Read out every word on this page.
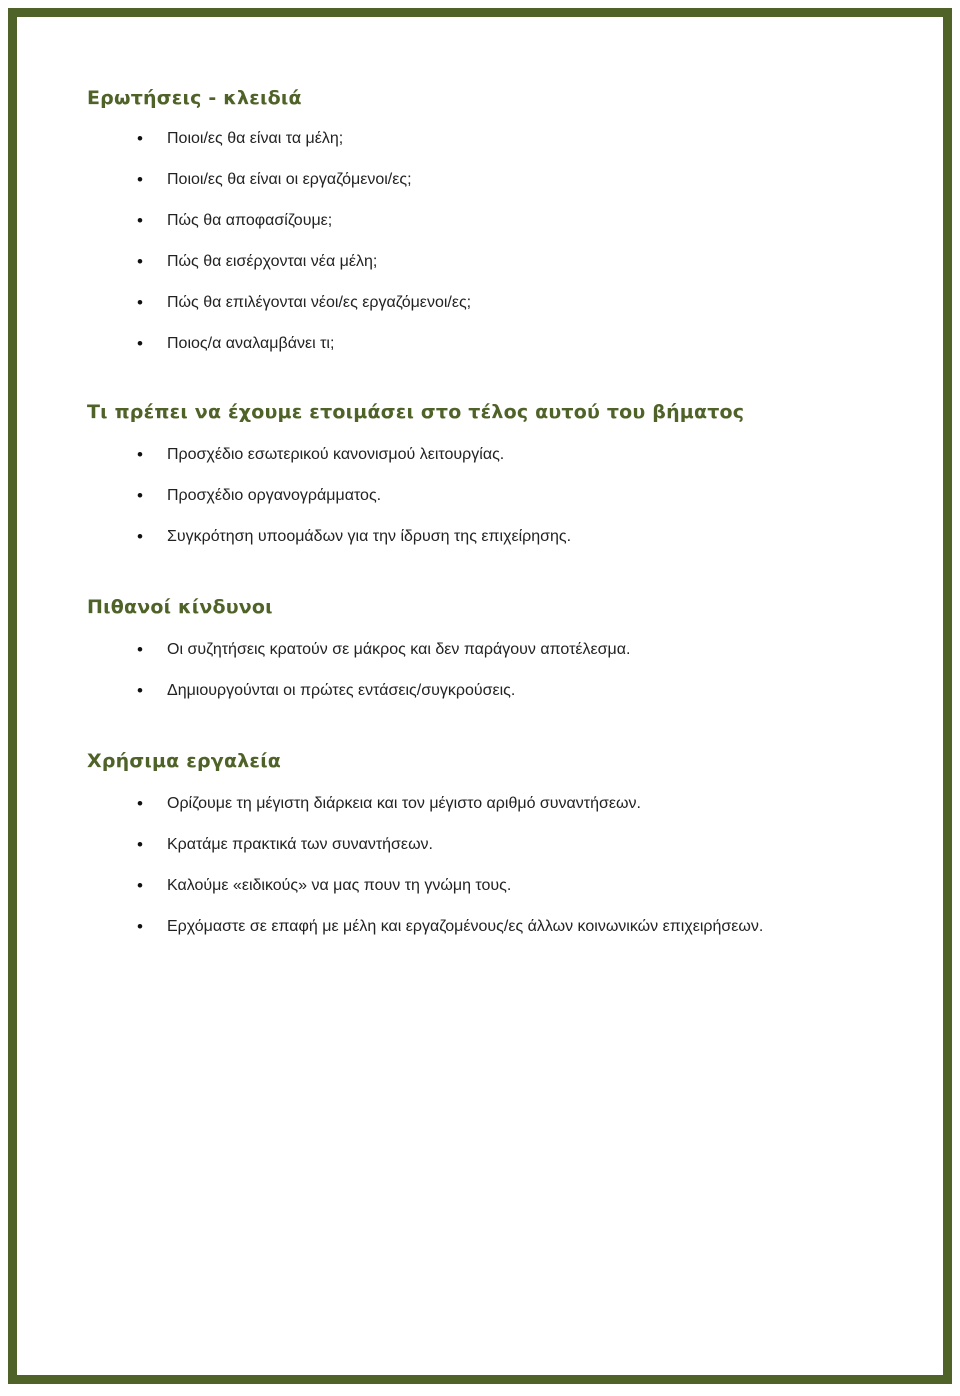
Ερωτήσεις - κλειδιά
• Ποιοι/ες θα είναι τα μέλη;
• Ποιοι/ες θα είναι οι εργαζόμενοι/ες;
• Πώς θα αποφασίζουμε;
• Πώς θα εισέρχονται νέα μέλη;
• Πώς θα επιλέγονται νέοι/ες εργαζόμενοι/ες;
• Ποιος/α αναλαμβάνει τι;
Τι πρέπει να έχουμε ετοιμάσει στο τέλος αυτού του βήματος
• Προσχέδιο εσωτερικού κανονισμού λειτουργίας.
• Προσχέδιο οργανογράμματος.
• Συγκρότηση υποομάδων για την ίδρυση της επιχείρησης.
Πιθανοί κίνδυνοι
• Οι συζητήσεις κρατούν σε μάκρος και δεν παράγουν αποτέλεσμα.
• Δημιουργούνται οι πρώτες εντάσεις/συγκρούσεις.
Χρήσιμα εργαλεία
• Ορίζουμε τη μέγιστη διάρκεια και τον μέγιστο αριθμό συναντήσεων.
• Κρατάμε πρακτικά των συναντήσεων.
• Καλούμε «ειδικούς» να μας πουν τη γνώμη τους.
• Ερχόμαστε σε επαφή με μέλη και εργαζομένους/ες άλλων κοινωνικών επιχειρήσεων.
